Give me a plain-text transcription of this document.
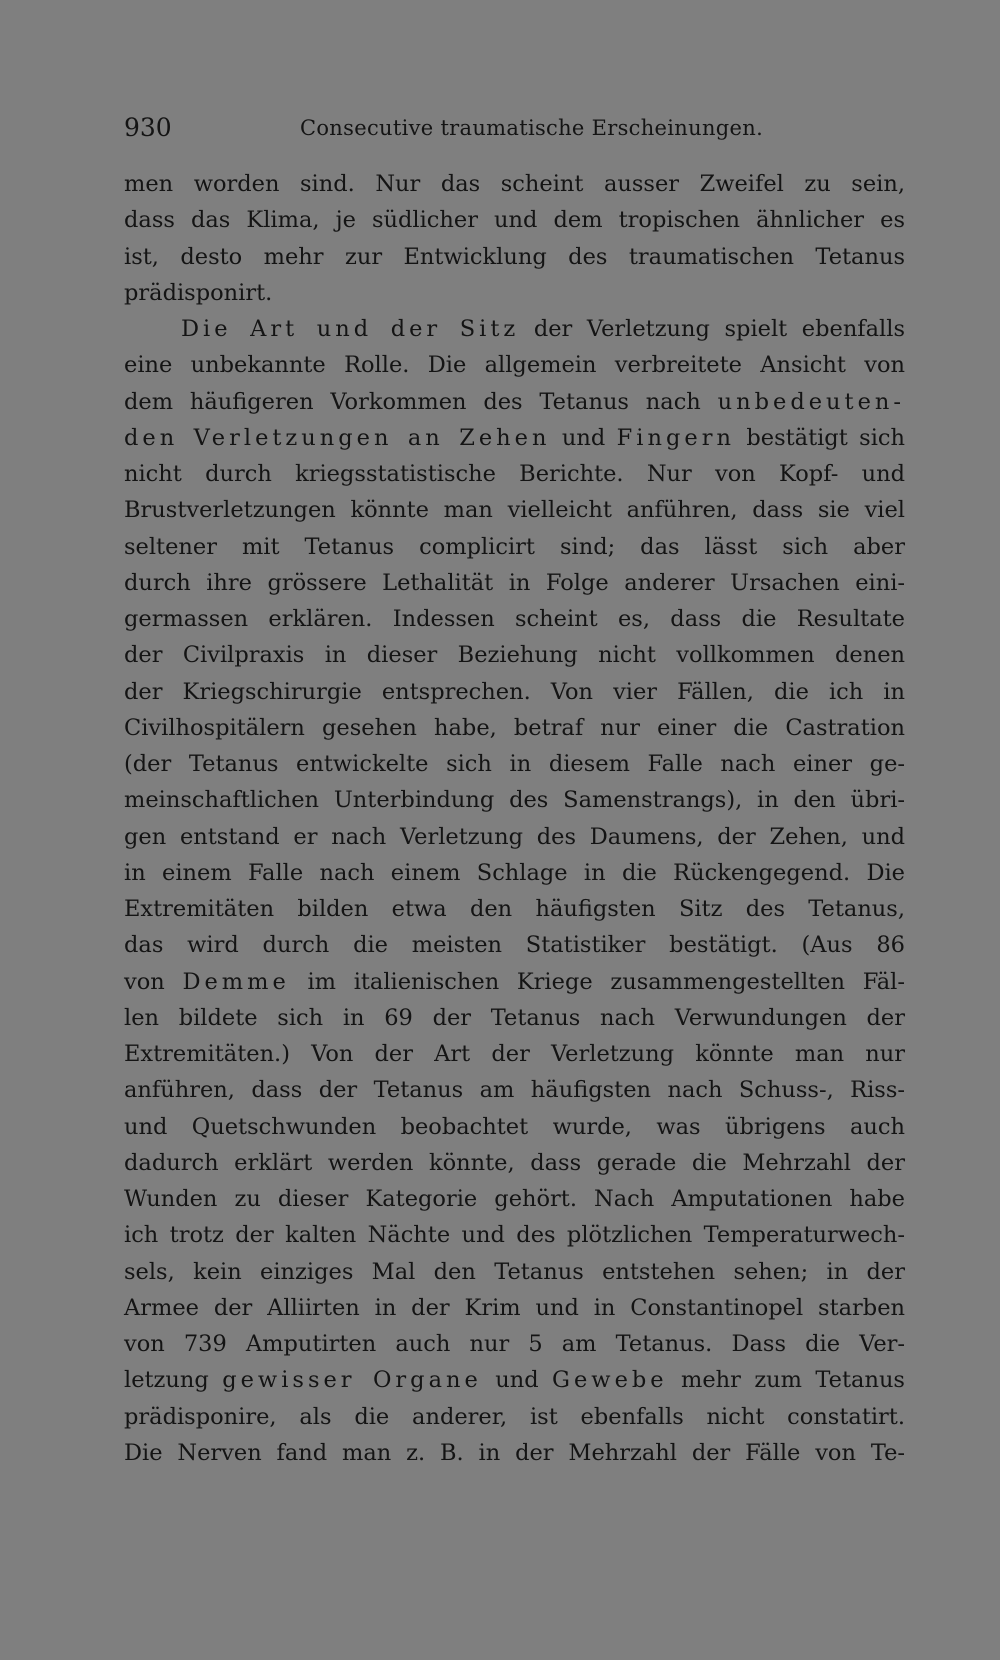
930	Consecutive traumatische Erscheinungen.
men worden sind. Nur das scheint ausser Zweifel zu sein,
dass das Klima, je südlicher und dem tropischen ähnlicher es
ist, desto mehr zur Entwicklung des traumatischen Tetanus
prädisponirt.
Die Art und der Sitz der Verletzung spielt ebenfalls
eine unbekannte Rolle. Die allgemein verbreitete Ansicht von
dem häufigeren Vorkommen des Tetanus nach unbedeuten-
den Verletzungen an Zehen und Fingern bestätigt sich
nicht durch kriegsstatistische Berichte. Nur von Kopf- und
Brustverletzungen könnte man vielleicht anführen, dass sie viel
seltener mit Tetanus complicirt sind; das lässt sich aber
durch ihre grössere Lethalität in Folge anderer Ursachen eini-
germassen erklären. Indessen scheint es, dass die Resultate
der Civilpraxis in dieser Beziehung nicht vollkommen denen
der Kriegschirurgie entsprechen. Von vier Fällen, die ich in
Civilhospitälern gesehen habe, betraf nur einer die Castration
(der Tetanus entwickelte sich in diesem Falle nach einer ge-
meinschaftlichen Unterbindung des Samenstrangs), in den übri-
gen entstand er nach Verletzung des Daumens, der Zehen, und
in einem Falle nach einem Schlage in die Rückengegend. Die
Extremitäten bilden etwa den häufigsten Sitz des Tetanus,
das wird durch die meisten Statistiker bestätigt. (Aus 86
von Demme im italienischen Kriege zusammengestellten Fäl-
len bildete sich in 69 der Tetanus nach Verwundungen der
Extremitäten.) Von der Art der Verletzung könnte man nur
anführen, dass der Tetanus am häufigsten nach Schuss-, Riss-
und Quetschwunden beobachtet wurde, was übrigens auch
dadurch erklärt werden könnte, dass gerade die Mehrzahl der
Wunden zu dieser Kategorie gehört. Nach Amputationen habe
ich trotz der kalten Nächte und des plötzlichen Temperaturwech-
sels, kein einziges Mal den Tetanus entstehen sehen; in der
Armee der Alliirten in der Krim und in Constantinopel starben
von 739 Amputirten auch nur 5 am Tetanus. Dass die Ver-
letzung gewisser Organe und Gewebe mehr zum Tetanus
prädisponire, als die anderer, ist ebenfalls nicht constatirt.
Die Nerven fand man z. B. in der Mehrzahl der Fälle von Te-
